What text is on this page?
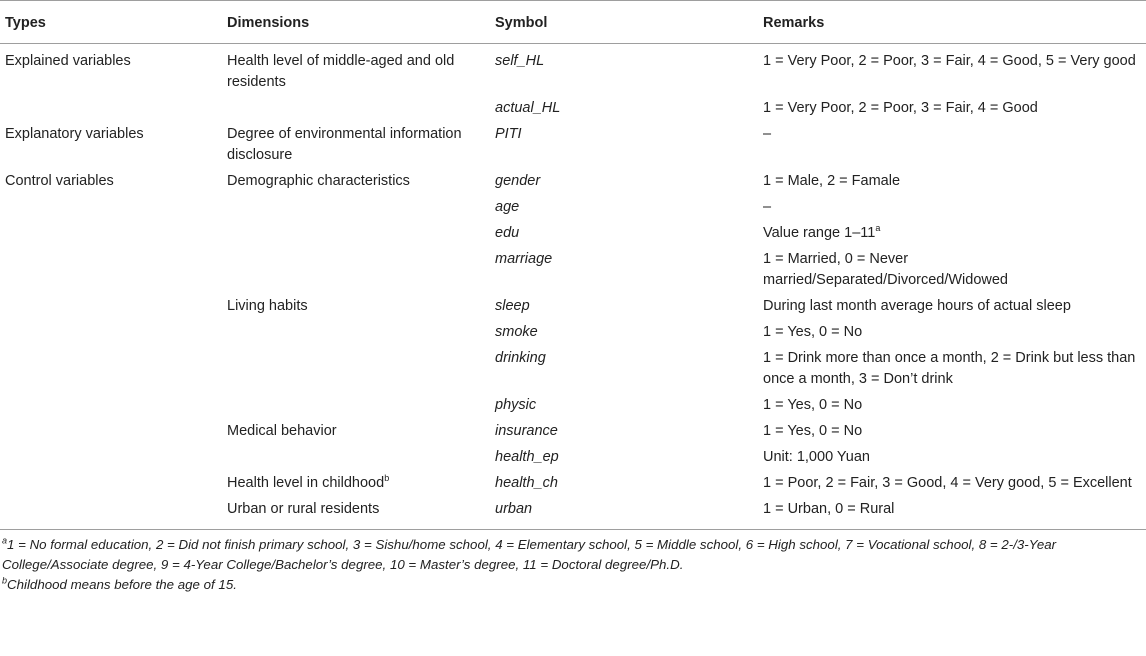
Types	Dimensions	Symbol	Remarks
Explained variables	Health level of middle-aged and old residents	self_HL	1 = Very Poor, 2 = Poor, 3 = Fair, 4 = Good, 5 = Very good
		actual_HL	1 = Very Poor, 2 = Poor, 3 = Fair, 4 = Good
Explanatory variables	Degree of environmental information disclosure	PITI	–
Control variables	Demographic characteristics	gender	1 = Male, 2 = Famale
		age	–
		edu	Value range 1–11$^a$
		marriage	1 = Married, 0 = Never married/Separated/Divorced/Widowed
	Living habits	sleep	During last month average hours of actual sleep
		smoke	1 = Yes, 0 = No
		drinking	1 = Drink more than once a month, 2 = Drink but less than once a month, 3 = Don’t drink
		physic	1 = Yes, 0 = No
	Medical behavior	insurance	1 = Yes, 0 = No
		health_ep	Unit: 1,000 Yuan
	Health level in childhood$^b$	health_ch	1 = Poor, 2 = Fair, 3 = Good, 4 = Very good, 5 = Excellent
	Urban or rural residents	urban	1 = Urban, 0 = Rural
$^a$1 = No formal education, 2 = Did not finish primary school, 3 = Sishu/home school, 4 = Elementary school, 5 = Middle school, 6 = High school, 7 = Vocational school, 8 = 2-/3-Year College/Associate degree, 9 = 4-Year College/Bachelor’s degree, 10 = Master’s degree, 11 = Doctoral degree/Ph.D.
$^b$Childhood means before the age of 15.
